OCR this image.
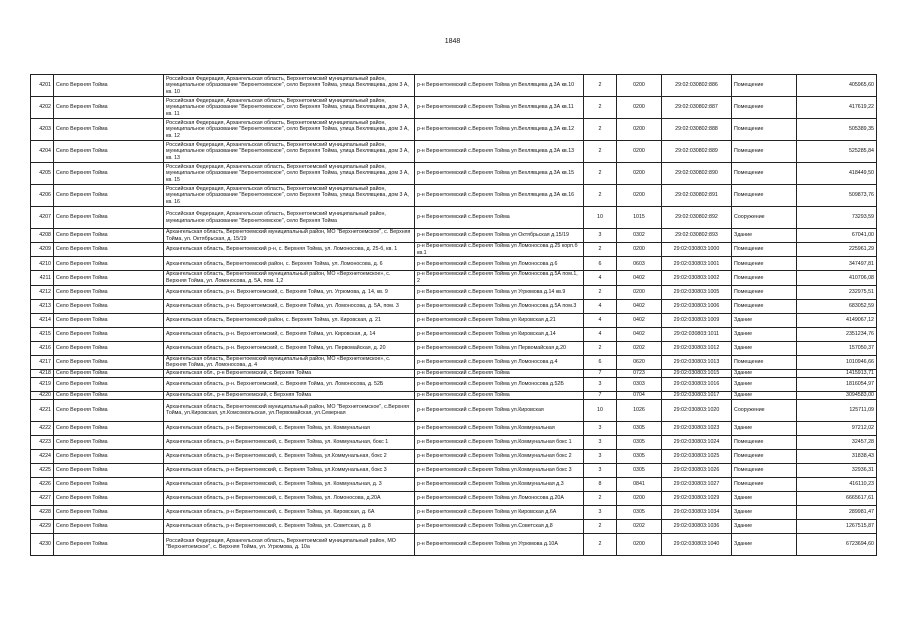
1848
4201	Село Верхняя Тойма	Российская Федерация, Архангельская область, Верхнетоемский муниципальный район, муниципальное образование "Верхнетоемское", село Верхняя Тойма, улица Вехлявцева, дом 3 А, кв. 10	р-н Верхнетоемский с.Верхняя Тойма ул Вехлявцева д.3А кв.10	2	0200	29:02:030802:886	Помещение	405965,60
4202	Село Верхняя Тойма	Российская Федерация, Архангельская область, Верхнетоемский муниципальный район, муниципальное образование "Верхнетоемское", село Верхняя Тойма, улица Вехлявцева, дом 3 А, кв. 11	р-н Верхнетоемский с.Верхняя Тойма ул Вехлявцева д.3А кв.11	2	0200	29:02:030802:887	Помещение	417619,22
4203	Село Верхняя Тойма	Российская Федерация, Архангельская область, Верхнетоемский муниципальный район, муниципальное образование "Верхнетоемское", село Верхняя Тойма, улица Вехлявцева, дом 3 А, кв. 12	р-н Верхнетоемский с.Верхняя Тойма ул.Вехлявцева д.3А кв.12	2	0200	29:02:030802:888	Помещение	505389,35
4204	Село Верхняя Тойма	Российская Федерация, Архангельская область, Верхнетоемский муниципальный район, муниципальное образование "Верхнетоемское", село Верхняя Тойма, улица Вехлявцева, дом 3 А, кв. 13	р-н Верхнетоемский с.Верхняя Тойма ул Вехлявцева д.3А кв.13	2	0200	29:02:030802:889	Помещение	525285,84
4205	Село Верхняя Тойма	Российская Федерация, Архангельская область, Верхнетоемский муниципальный район, муниципальное образование "Верхнетоемское", село Верхняя Тойма, улица Вехлявцева, дом 3 А, кв. 15	р-н Верхнетоемский с.Верхняя Тойма ул Вехлявцева д.3А кв.15	2	0200	29:02:030802:890	Помещение	418449,50
4206	Село Верхняя Тойма	Российская Федерация, Архангельская область, Верхнетоемский муниципальный район, муниципальное образование "Верхнетоемское", село Верхняя Тойма, улица Вехлявцева, дом 3 А, кв. 16	р-н Верхнетоемский с.Верхняя Тойма ул Вехлявцева д.3А кв.16	2	0200	29:02:030802:891	Помещение	509873,76
4207	Село Верхняя Тойма	Российская Федерация, Архангельская область, Верхнетоемский муниципальный район, муниципальное образование "Верхнетоемское", село Верхняя Тойма	р-н Верхнетоемский с.Верхняя Тойма	10	1015	29:02:030802:892	Сооружение	73293,59
4208	Село Верхняя Тойма	Архангельская область, Верхнетоемский муниципальный район, МО "Верхнетоемское", с. Верхняя Тойма, ул. Октябрьская, д. 15/19	р-н Верхнетоемский с.Верхняя Тойма ул Октябрьская д.15/19	3	0302	29:02:030802:893	Здание	67041,00
4209	Село Верхняя Тойма	Архангельская область, Верхнетоемский р-н, с. Верхняя Тойма, ул. Ломоносова, д. 25-б, кв. 1	р-н Верхнетоемский с.Верхняя Тойма ул Ломоносова д.25 корп.б кв.1	2	0200	29:02:030803:1000	Помещение	225961,29
4210	Село Верхняя Тойма	Архангельская область, Верхнетоемский район, с. Верхняя Тойма, ул. Ломоносова, д. 6	р-н Верхнетоемский с.Верхняя Тойма ул Ломоносова д.6	6	0603	29:02:030803:1001	Помещение	347497,81
4211	Село Верхняя Тойма	Архангельская область, Верхнетоемский муниципальный район, МО «Верхнетоемское», с. Верхняя Тойма, ул. Ломоносова, д. 5А, пом. 1,2	р-н Верхнетоемский с.Верхняя Тойма ул Ломоносова д.5А пом.1, 2	4	0402	29:02:030803:1002	Помещение	410706,08
4212	Село Верхняя Тойма	Архангельская область, р-н. Верхнетоемский, с. Верхняя Тойма, ул. Угрюмова, д. 14, кв. 9	р-н Верхнетоемский с.Верхняя Тойма ул Угрюмова д.14 кв.9	2	0200	29:02:030803:1005	Помещение	232975,51
4213	Село Верхняя Тойма	Архангельская область, р-н. Верхнетоемский, с. Верхняя Тойма, ул. Ломоносова, д. 5А, пом. 3	р-н Верхнетоемский с.Верхняя Тойма ул Ломоносова д.5А пом.3	4	0402	29:02:030803:1006	Помещение	683052,59
4214	Село Верхняя Тойма	Архангельская область, Верхнетоемский район, с. Верхняя Тойма, ул. Кировская, д. 21	р-н Верхнетоемский с.Верхняя Тойма ул Кировская д.21	4	0402	29:02:030803:1009	Здание	4149067,12
4215	Село Верхняя Тойма	Архангельская область, р-н. Верхнетоемский, с. Верхняя Тойма, ул. Кировская, д. 14	р-н Верхнетоемский с.Верхняя Тойма ул Кировская д.14	4	0402	29:02:030803:1011	Здание	2351234,76
4216	Село Верхняя Тойма	Архангельская область, р-н. Верхнетоемский, с. Верхняя Тойма, ул. Первомайская, д. 20	р-н Верхнетоемский с.Верхняя Тойма ул Первомайская д.20	2	0202	29:02:030803:1012	Здание	157050,37
4217	Село Верхняя Тойма	Архангельская область, Верхнетоемский муниципальный район, МО «Верхнетоемское», с. Верхняя Тойма, ул. Ломоносова, д. 4	р-н Верхнетоемский с.Верхняя Тойма ул Ломоносова д.4	6	0620	29:02:030803:1013	Помещение	1010946,66
4218	Село Верхняя Тойма	Архангельская обл., р-н Верхнетоемский, с Верхняя Тойма	р-н Верхнетоемский с.Верхняя Тойма	7	0723	29:02:030803:1015	Здание	1415913,71
4219	Село Верхняя Тойма	Архангельская область, р-н. Верхнетоемский, с. Верхняя Тойма, ул. Ломоносова, д. 52Б	р-н Верхнетоемский с.Верхняя Тойма ул Ломоносова д.52Б	3	0303	29:02:030803:1016	Здание	1816054,97
4220	Село Верхняя Тойма	Архангельская обл., р-н Верхнетоемский, с Верхняя Тойма	р-н Верхнетоемский с.Верхняя Тойма	7	0704	29:02:030803:1017	Здание	3094583,00
4221	Село Верхняя Тойма	Архангельская область, Верхнетоемский муниципальный район, МО "Верхнетоемское", с.Верхняя Тойма, ул.Кировская, ул.Комсомольская, ул.Первомайская, ул.Северная	р-н Верхнетоемский с.Верхняя Тойма ул.Кировская	10	1026	29:02:030803:1020	Сооружение	125711,09
4222	Село Верхняя Тойма	Архангельская область, р-н Верхнетоемский, с. Верхняя Тойма, ул. Коммунальная	р-н Верхнетоемский с.Верхняя Тойма ул.Коммунальная	3	0305	29:02:030803:1023	Здание	97212,02
4223	Село Верхняя Тойма	Архангельская область, р-н Верхнетоемский, с. Верхняя Тойма, ул. Коммунальная, бокс 1	р-н Верхнетоемский с.Верхняя Тойма ул.Коммунальная бокс 1	3	0305	29:02:030803:1024	Помещение	32457,28
4224	Село Верхняя Тойма	Архангельская область, р-н Верхнетоемский, с. Верхняя Тойма, ул.Коммунальная, бокс 2	р-н Верхнетоемский с.Верхняя Тойма ул.Коммунальная бокс 2	3	0305	29:02:030803:1025	Помещение	31838,43
4225	Село Верхняя Тойма	Архангельская область, р-н Верхнетоемский, с. Верхняя Тойма, ул.Коммунальная, бокс 3	р-н Верхнетоемский с.Верхняя Тойма ул.Коммунальная бокс 3	3	0305	29:02:030803:1026	Помещение	32936,31
4226	Село Верхняя Тойма	Архангельская область, р-н Верхнетоемский, с. Верхняя Тойма, ул. Коммунальная, д. 3	р-н Верхнетоемский с.Верхняя Тойма ул.Коммунальная д.3	8	0841	29:02:030803:1027	Помещение	416110,23
4227	Село Верхняя Тойма	Архангельская область, р-н Верхнетоемский, с. Верхняя Тойма, ул. Ломоносова, д.20А	р-н Верхнетоемский с.Верхняя Тойма ул Ломоносова д.20А	2	0200	29:02:030803:1029	Здание	6665617,61
4228	Село Верхняя Тойма	Архангельская область, р-н Верхнетоемский, с. Верхняя Тойма, ул. Кировская, д. 6А	р-н Верхнетоемский с.Верхняя Тойма ул Кировская д.6А	3	0305	29:02:030803:1034	Здание	289981,47
4229	Село Верхняя Тойма	Архангельская область, р-н Верхнетоемский, с. Верхняя Тойма, ул. Советская, д. 8	р-н Верхнетоемский с.Верхняя Тойма ул.Советская д.8	2	0202	29:02:030803:1036	Здание	1267515,87
4230	Село Верхняя Тойма	Российская Федерация, Архангельская область, Верхнетоемский муниципальный район, МО "Верхнетоемское", с. Верхняя Тойма, ул. Угрюмова, д. 10а	р-н Верхнетоемский с.Верхняя Тойма ул Угрюмова д.10А	2	0200	29:02:030803:1040	Здание	6723694,60
